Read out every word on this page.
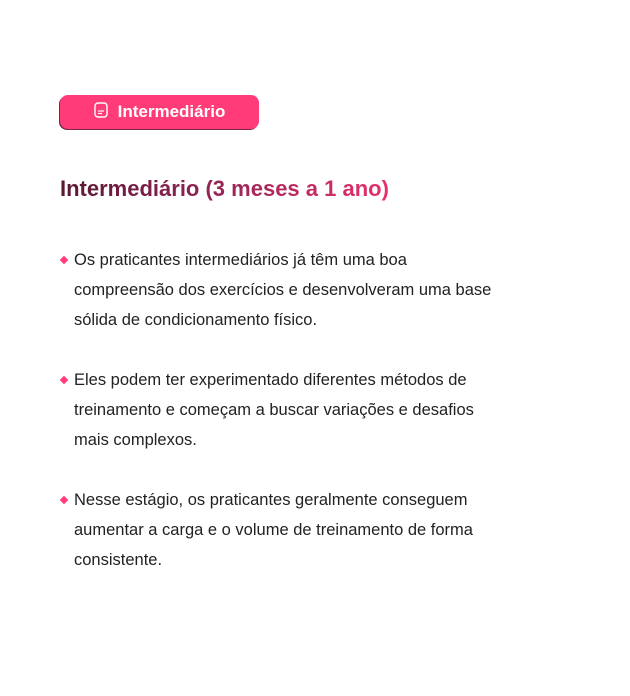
Intermediário
Intermediário (3 meses a 1 ano)
Os praticantes intermediários já têm uma boa compreensão dos exercícios e desenvolveram uma base sólida de condicionamento físico.
Eles podem ter experimentado diferentes métodos de treinamento e começam a buscar variações e desafios mais complexos.
Nesse estágio, os praticantes geralmente conseguem aumentar a carga e o volume de treinamento de forma consistente.
